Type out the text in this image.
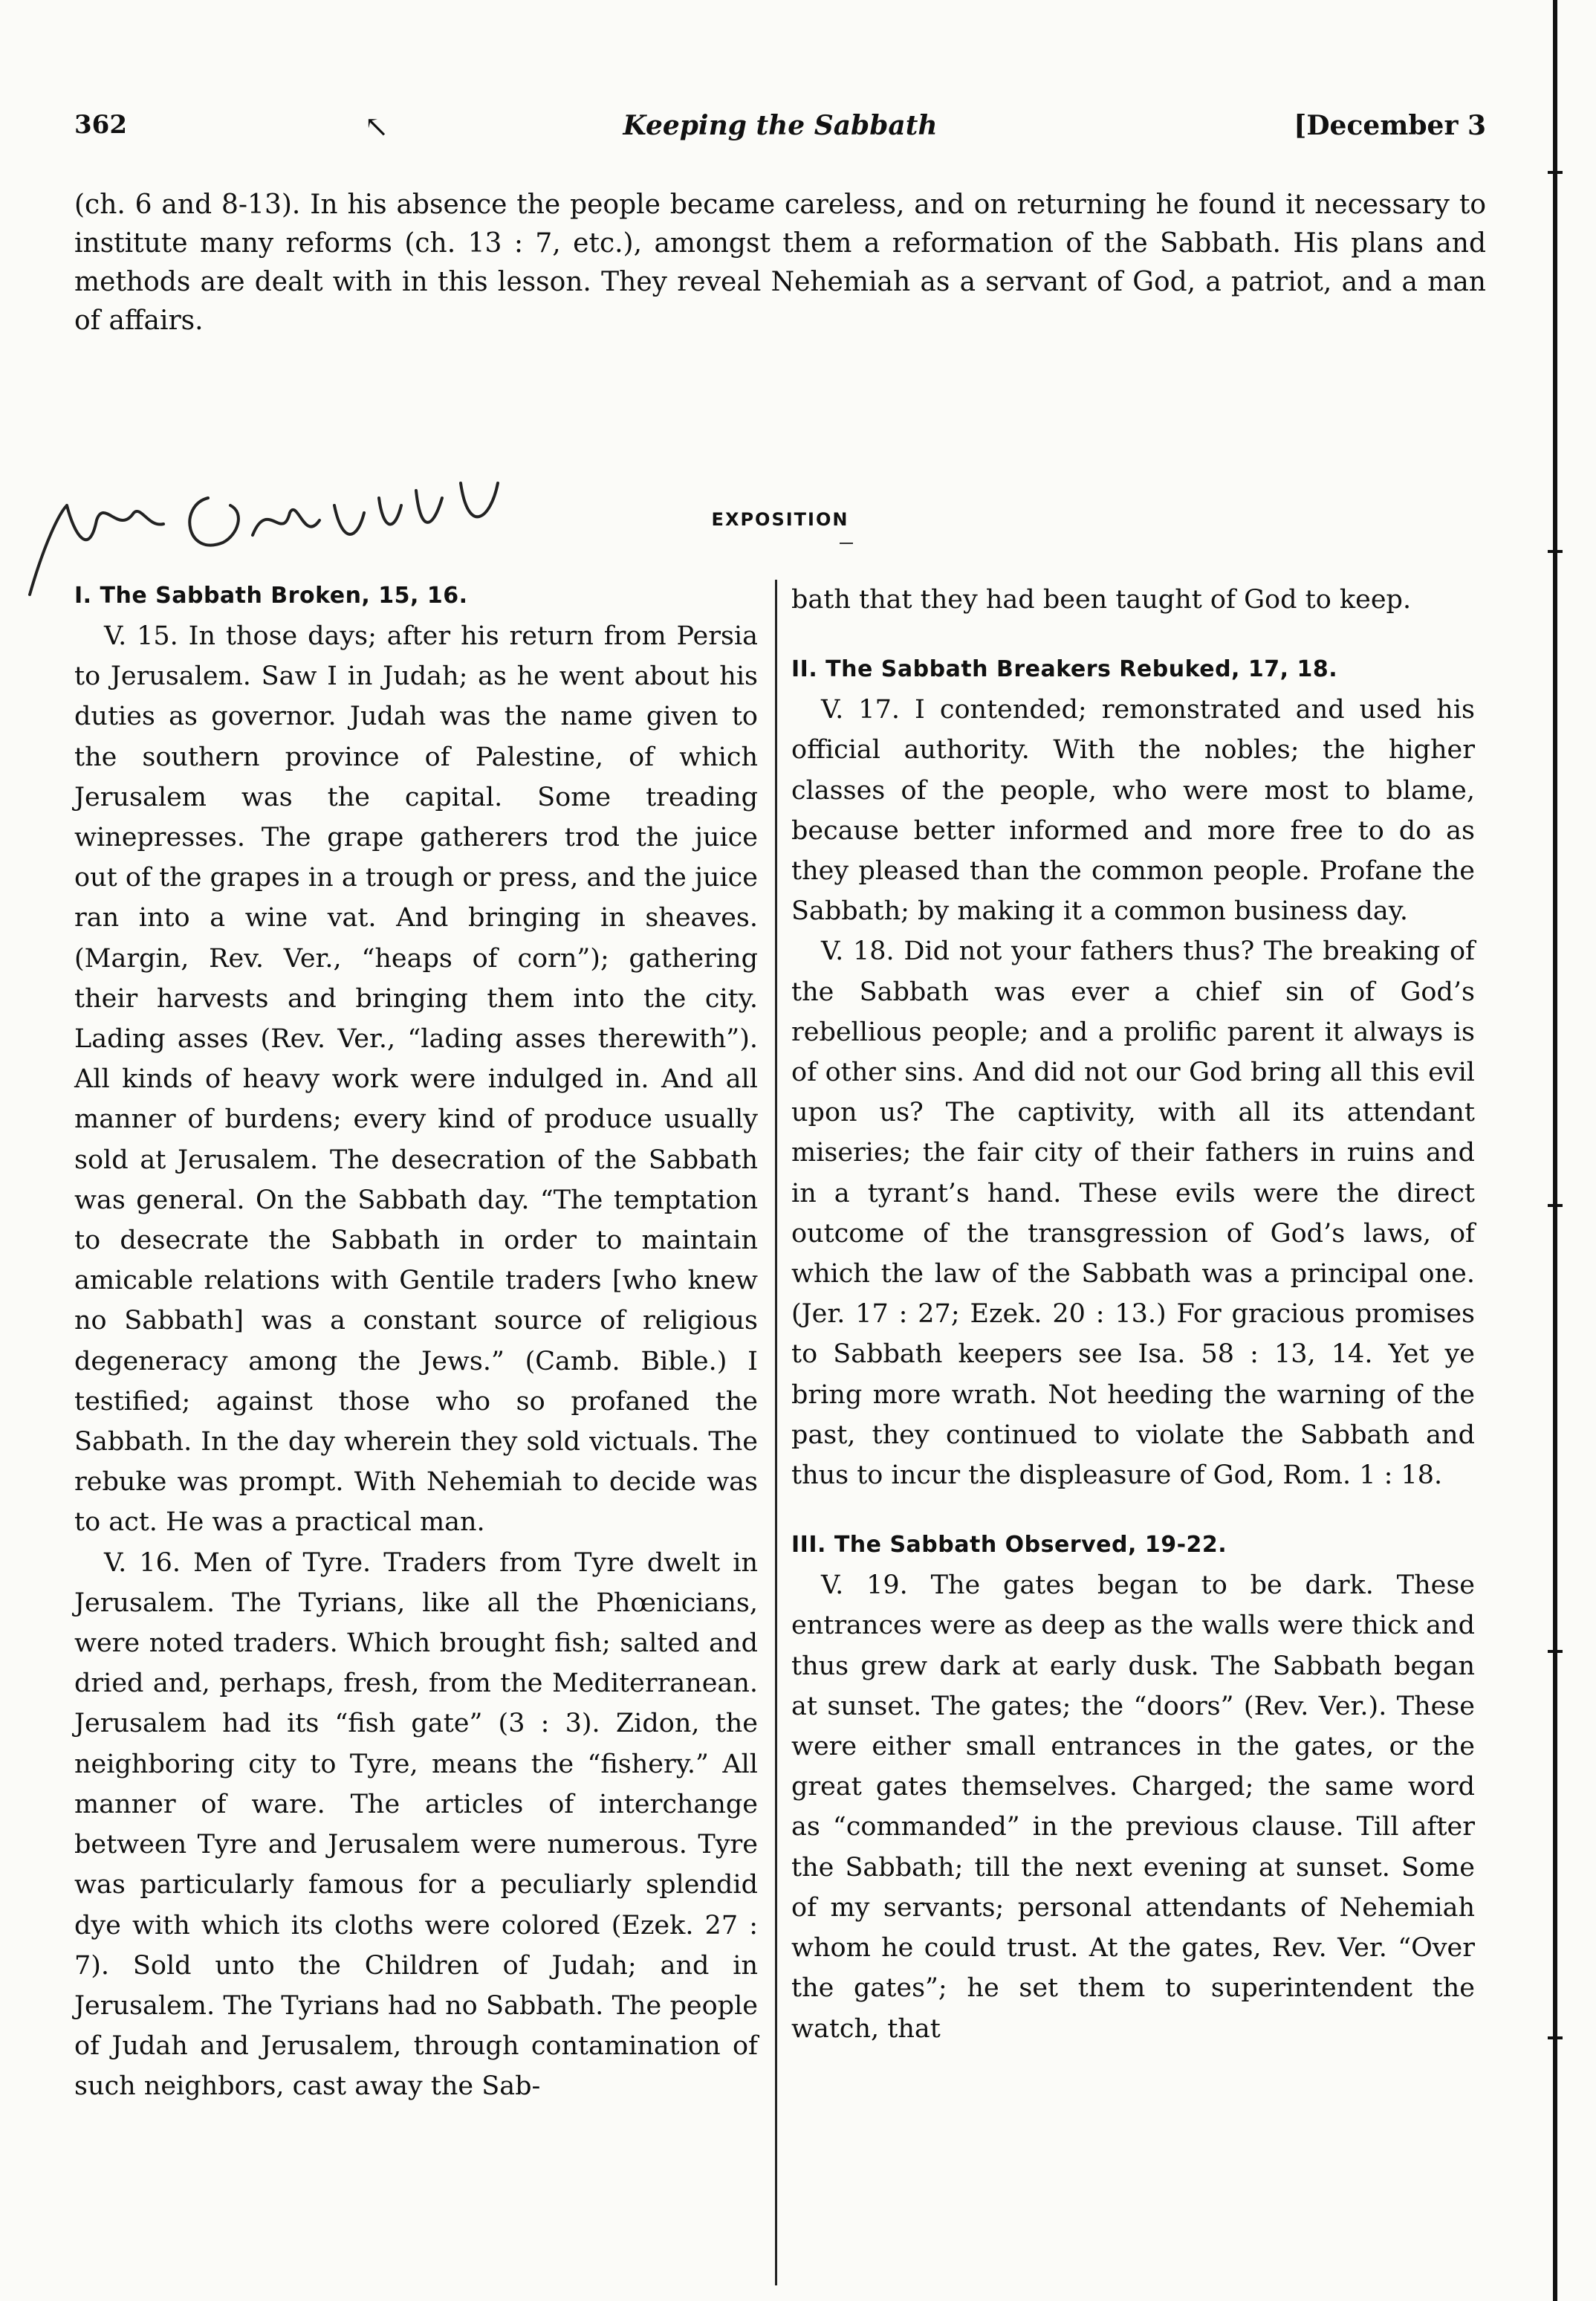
362	↖	Keeping the Sabbath	[December 3

(ch. 6 and 8-13). In his absence the people became careless, and on returning he found it necessary to institute many reforms (ch. 13 : 7, etc.), amongst them a reformation of the Sabbath. His plans and methods are dealt with in this lesson. They reveal Nehemiah as a servant of God, a patriot, and a man of affairs.

EXPOSITION
I. The Sabbath Broken, 15, 16.

V. 15. In those days; after his return from Persia to Jerusalem. Saw I in Judah; as he went about his duties as governor. Judah was the name given to the southern province of Palestine, of which Jerusalem was the capital. Some treading winepresses. The grape gatherers trod the juice out of the grapes in a trough or press, and the juice ran into a wine vat. And bringing in sheaves. (Margin, Rev. Ver., “heaps of corn”); gathering their harvests and bringing them into the city. Lading asses (Rev. Ver., “lading asses therewith”). All kinds of heavy work were indulged in. And all manner of burdens; every kind of produce usually sold at Jerusalem. The desecration of the Sabbath was general. On the Sabbath day. “The temptation to desecrate the Sabbath in order to maintain amicable relations with Gentile traders [who knew no Sabbath] was a constant source of religious degeneracy among the Jews.” (Camb. Bible.) I testified; against those who so profaned the Sabbath. In the day wherein they sold victuals. The rebuke was prompt. With Nehemiah to decide was to act. He was a practical man.

V. 16. Men of Tyre. Traders from Tyre dwelt in Jerusalem. The Tyrians, like all the Phœnicians, were noted traders. Which brought fish; salted and dried and, perhaps, fresh, from the Mediterranean. Jerusalem had its “fish gate” (3 : 3). Zidon, the neighboring city to Tyre, means the “fishery.” All manner of ware. The articles of interchange between Tyre and Jerusalem were numerous. Tyre was particularly famous for a peculiarly splendid dye with which its cloths were colored (Ezek. 27 : 7). Sold unto the Children of Judah; and in Jerusalem. The Tyrians had no Sabbath. The people of Judah and Jerusalem, through contamination of such neighbors, cast away the Sab-

bath that they had been taught of God to keep.

II. The Sabbath Breakers Rebuked, 17, 18.

V. 17. I contended; remonstrated and used his official authority. With the nobles; the higher classes of the people, who were most to blame, because better informed and more free to do as they pleased than the common people. Profane the Sabbath; by making it a common business day.

V. 18. Did not your fathers thus? The breaking of the Sabbath was ever a chief sin of God’s rebellious people; and a prolific parent it always is of other sins. And did not our God bring all this evil upon us? The captivity, with all its attendant miseries; the fair city of their fathers in ruins and in a tyrant’s hand. These evils were the direct outcome of the transgression of God’s laws, of which the law of the Sabbath was a principal one. (Jer. 17 : 27; Ezek. 20 : 13.) For gracious promises to Sabbath keepers see Isa. 58 : 13, 14. Yet ye bring more wrath. Not heeding the warning of the past, they continued to violate the Sabbath and thus to incur the displeasure of God, Rom. 1 : 18.

III. The Sabbath Observed, 19-22.

V. 19. The gates began to be dark. These entrances were as deep as the walls were thick and thus grew dark at early dusk. The Sabbath began at sunset. The gates; the “doors” (Rev. Ver.). These were either small entrances in the gates, or the great gates themselves. Charged; the same word as “commanded” in the previous clause. Till after the Sabbath; till the next evening at sunset. Some of my servants; personal attendants of Nehemiah whom he could trust. At the gates, Rev. Ver. “Over the gates”; he set them to superintendent the watch, that
